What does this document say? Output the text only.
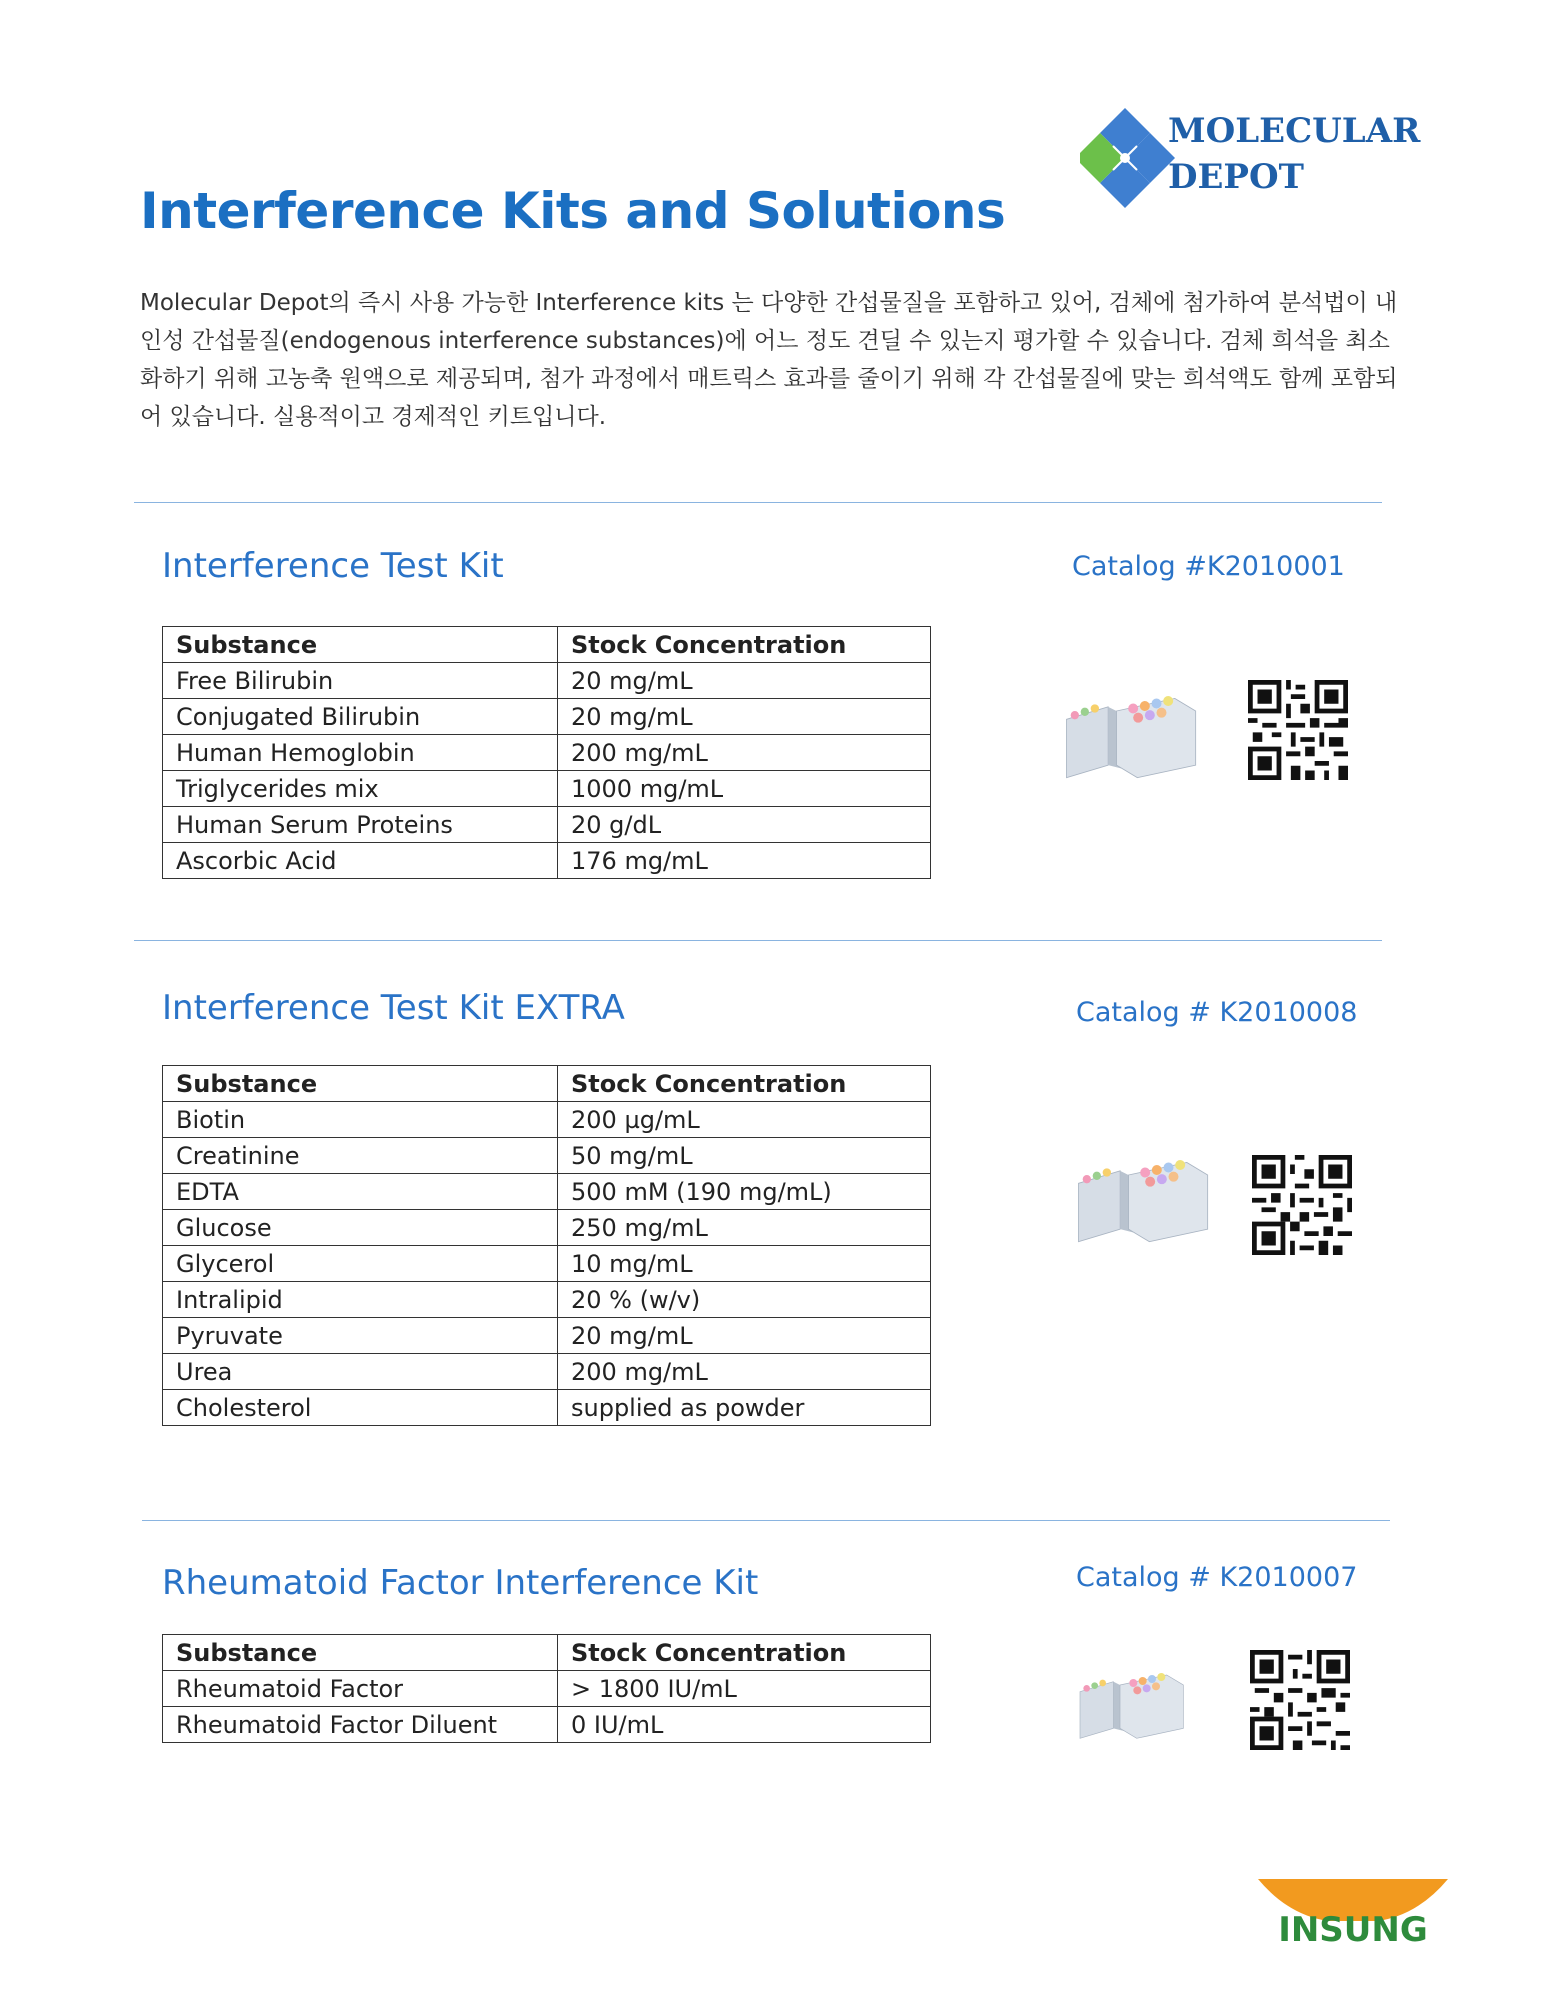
MOLECULAR
DEPOT
Interference Kits and Solutions
Molecular Depot의 즉시 사용 가능한 Interference kits 는 다양한 간섭물질을 포함하고 있어, 검체에 첨가하여 분석법이 내인성 간섭물질(endogenous interference substances)에 어느 정도 견딜 수 있는지 평가할 수 있습니다. 검체 희석을 최소화하기 위해 고농축 원액으로 제공되며, 첨가 과정에서 매트릭스 효과를 줄이기 위해 각 간섭물질에 맞는 희석액도 함께 포함되어 있습니다. 실용적이고 경제적인 키트입니다.
Interference Test Kit	Catalog #K2010001
Substance	Stock Concentration
Free Bilirubin	20 mg/mL
Conjugated Bilirubin	20 mg/mL
Human Hemoglobin	200 mg/mL
Triglycerides mix	1000 mg/mL
Human Serum Proteins	20 g/dL
Ascorbic Acid	176 mg/mL
Interference Test Kit EXTRA	Catalog # K2010008
Substance	Stock Concentration
Biotin	200 µg/mL
Creatinine	50 mg/mL
EDTA	500 mM (190 mg/mL)
Glucose	250 mg/mL
Glycerol	10 mg/mL
Intralipid	20 % (w/v)
Pyruvate	20 mg/mL
Urea	200 mg/mL
Cholesterol	supplied as powder
Rheumatoid Factor Interference Kit	Catalog # K2010007
Substance	Stock Concentration
Rheumatoid Factor	> 1800 IU/mL
Rheumatoid Factor Diluent	0 IU/mL
INSUNG
